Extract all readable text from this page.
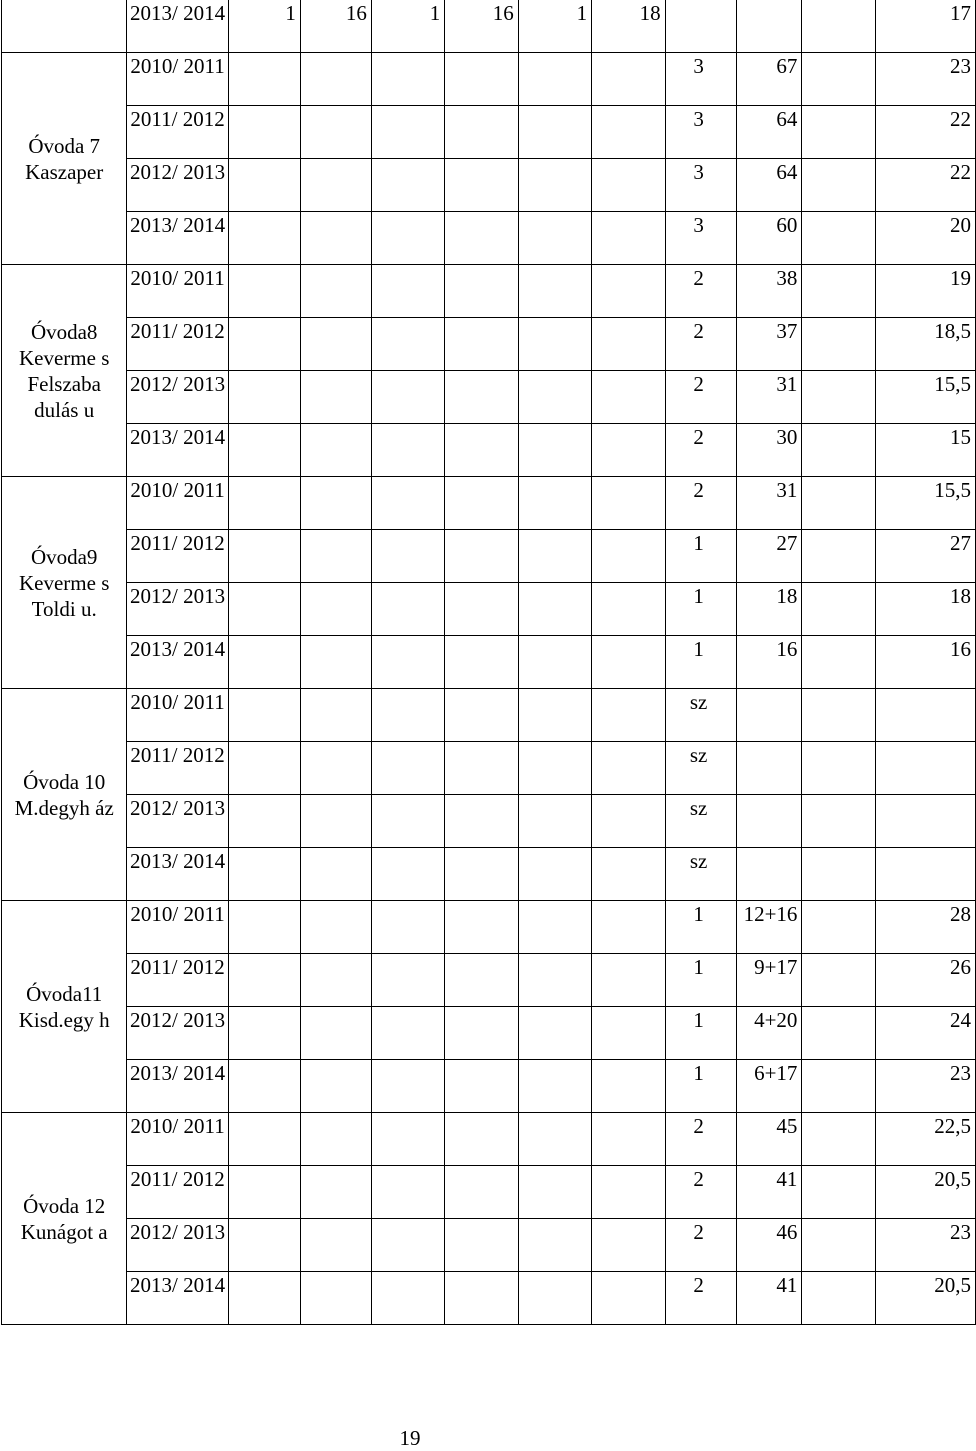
	2013/ 2014	1	16	1	16	1	18				17

Óvoda 7 Kaszaper	2010/ 2011							3	67		23
	2011/ 2012							3	64		22
	2012/ 2013							3	64		22
	2013/ 2014							3	60		20

Óvoda8 Keverme s Felszaba dulás u	2010/ 2011							2	38		19
	2011/ 2012							2	37		18,5
	2012/ 2013							2	31		15,5
	2013/ 2014							2	30		15

Óvoda9 Keverme s Toldi u.	2010/ 2011							2	31		15,5
	2011/ 2012							1	27		27
	2012/ 2013							1	18		18
	2013/ 2014							1	16		16

Óvoda 10 M.degyh áz	2010/ 2011							sz			
	2011/ 2012							sz			
	2012/ 2013							sz			
	2013/ 2014							sz			

Óvoda11 Kisd.egy h	2010/ 2011							1	12+16		28
	2011/ 2012							1	9+17		26
	2012/ 2013							1	4+20		24
	2013/ 2014							1	6+17		23

Óvoda 12 Kunágot a	2010/ 2011							2	45		22,5
	2011/ 2012							2	41		20,5
	2012/ 2013							2	46		23
	2013/ 2014							2	41		20,5
19
